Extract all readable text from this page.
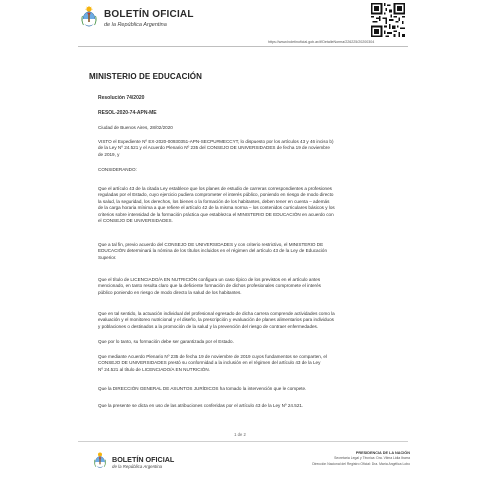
BOLETÍN OFICIAL
de la República Argentina
https://www.boletinoficial.gob.ar/#!DetalleNorma/226225/20200304
MINISTERIO DE EDUCACIÓN
Resolución 74/2020
RESOL-2020-74-APN-ME
Ciudad de Buenos Aires, 28/02/2020
VISTO el Expediente Nº EX-2020-00930351-APN-SECPU#MECCYT, lo dispuesto por los artículos 43 y 46 inciso b)
de la Ley Nº 24.521 y el Acuerdo Plenario Nº 235 del CONSEJO DE UNIVERSIDADES de fecha 19 de noviembre
de 2019, y
CONSIDERANDO:
Que el artículo 43 de la citada Ley establece que los planes de estudio de carreras correspondientes a profesiones
reguladas por el Estado, cuyo ejercicio pudiera comprometer el interés público, poniendo en riesgo de modo directo
la salud, la seguridad, los derechos, los bienes o la formación de los habitantes, deben tener en cuenta – además
de la carga horaria mínima a que refiere el artículo 42 de la misma norma – los contenidos curriculares básicos y los
criterios sobre intensidad de la formación práctica que establezca el MINISTERIO DE EDUCACIÓN en acuerdo con
el CONSEJO DE UNIVERSIDADES.
Que a tal fin, previo acuerdo del CONSEJO DE UNIVERSIDADES y con criterio restrictivo, el MINISTERIO DE
EDUCACIÓN determinará la nómina de los títulos incluidos en el régimen del artículo 43 de la Ley de Educación
Superior.
Que el título de LICENCIADO/A EN NUTRICIÓN configura un caso típico de los previstos en el artículo antes
mencionado, en tanto resulta claro que la deficiente formación de dichos profesionales compromete el interés
público poniendo en riesgo de modo directo la salud de los habitantes.
Que en tal sentido, la actuación individual del profesional egresado de dicha carrera comprende actividades como la
evaluación y el monitoreo nutricional y el diseño, la prescripción y evaluación de planes alimentarios para individuos
y poblaciones o destinados a la promoción de la salud y la prevención del riesgo de contraer enfermedades.
Que por lo tanto, su formación debe ser garantizada por el Estado.
Que mediante Acuerdo Plenario Nº 235 de fecha 19 de noviembre de 2019 cuyos fundamentos se comparten, el
CONSEJO DE UNIVERSIDADES prestó su conformidad a la inclusión en el régimen del artículo 43 de la Ley
Nº 24.521 al título de LICENCIADO/A EN NUTRICIÓN.
Que la DIRECCIÓN GENERAL DE ASUNTOS JURÍDICOS ha tomado la intervención que le compete.
Que la presente se dicta en uso de las atribuciones conferidas por el artículo 43 de la Ley Nº 24.521.
1 de 2
BOLETÍN OFICIAL
de la República Argentina
PRESIDENCIA DE LA NACIÓN
Secretaría Legal y Técnica: Dra. Vilma Lidia Ibarra
Dirección Nacional del Registro Oficial: Dra. María Angélica Lobo
